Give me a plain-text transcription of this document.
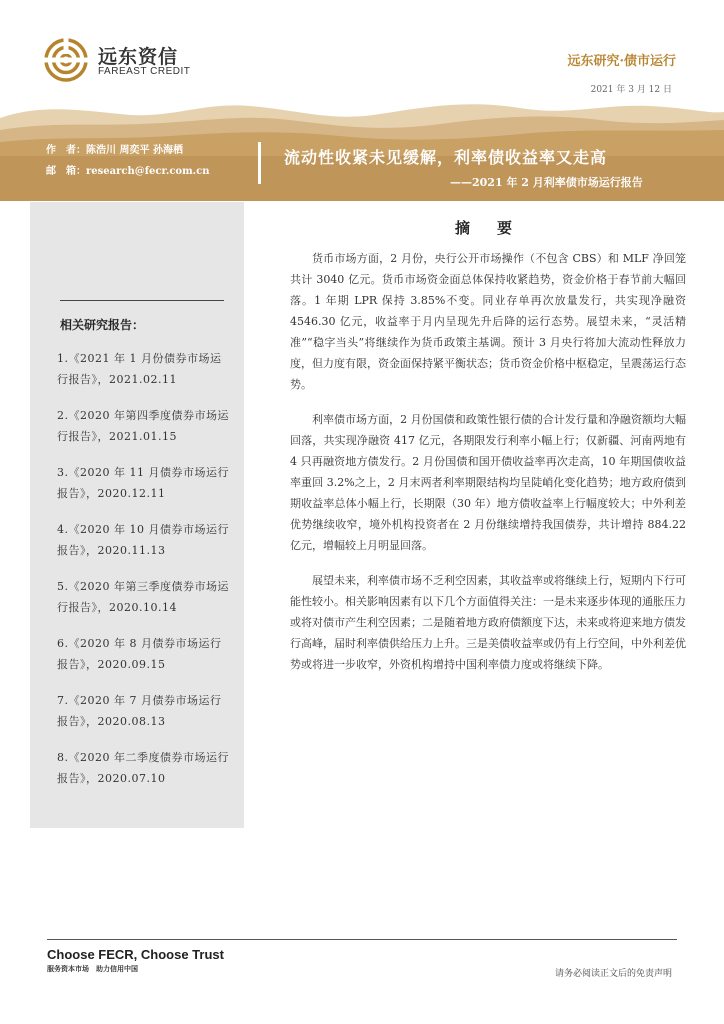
远东资信
FAREAST CREDIT
远东研究·债市运行
2021 年 3 月 12 日
作　者：陈浩川 周奕平 孙海栖
邮　箱：research@fecr.com.cn
流动性收紧未见缓解，利率债收益率又走高
——2021 年 2 月利率债市场运行报告
相关研究报告：
1.《2021 年 1 月份债券市场运行报告》，2021.02.11
2.《2020 年第四季度债券市场运行报告》，2021.01.15
3.《2020 年 11 月债券市场运行报告》，2020.12.11
4.《2020 年 10 月债券市场运行报告》，2020.11.13
5.《2020 年第三季度债券市场运行报告》，2020.10.14
6.《2020 年 8 月债券市场运行报告》，2020.09.15
7.《2020 年 7 月债券市场运行报告》，2020.08.13
8.《2020 年二季度债券市场运行报告》，2020.07.10
摘　要

货币市场方面，2 月份，央行公开市场操作（不包含 CBS）和 MLF 净回笼共计 3040 亿元。货币市场资金面总体保持收紧趋势，资金价格于春节前大幅回落。1 年期 LPR 保持 3.85%不变。同业存单再次放量发行，共实现净融资 4546.30 亿元，收益率于月内呈现先升后降的运行态势。展望未来，“灵活精准”“稳字当头”将继续作为货币政策主基调。预计 3 月央行将加大流动性释放力度，但力度有限，资金面保持紧平衡状态；货币资金价格中枢稳定，呈震荡运行态势。

利率债市场方面，2 月份国债和政策性银行债的合计发行量和净融资额均大幅回落，共实现净融资 417 亿元，各期限发行利率小幅上行；仅新疆、河南两地有 4 只再融资地方债发行。2 月份国债和国开债收益率再次走高，10 年期国债收益率重回 3.2%之上，2 月末两者利率期限结构均呈陡峭化变化趋势；地方政府债到期收益率总体小幅上行，长期限（30 年）地方债收益率上行幅度较大；中外利差优势继续收窄，境外机构投资者在 2 月份继续增持我国债券，共计增持 884.22 亿元，增幅较上月明显回落。

展望未来，利率债市场不乏利空因素，其收益率或将继续上行，短期内下行可能性较小。相关影响因素有以下几个方面值得关注：一是未来逐步体现的通胀压力或将对债市产生利空因素；二是随着地方政府债额度下达，未来或将迎来地方债发行高峰，届时利率债供给压力上升。三是美债收益率或仍有上行空间，中外利差优势或将进一步收窄，外资机构增持中国利率债力度或将继续下降。

Choose FECR, Choose Trust
服务资本市场　助力信用中国	请务必阅读正文后的免责声明
